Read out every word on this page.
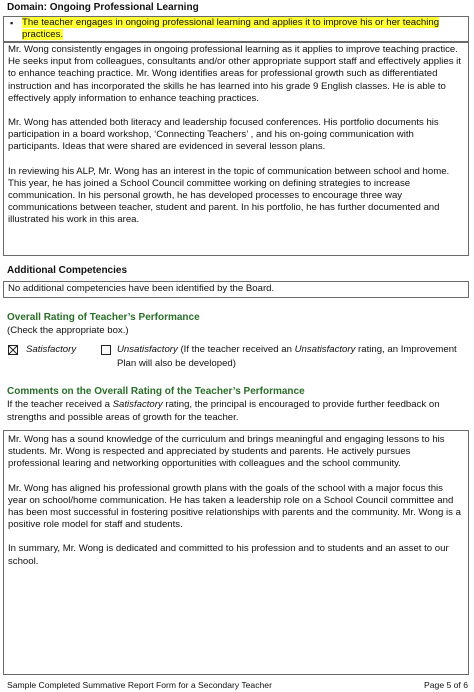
Domain: Ongoing Professional Learning
▪ The teacher engages in ongoing professional learning and applies it to improve his or her teaching practices.

Mr. Wong consistently engages in ongoing professional learning as it applies to improve teaching practice. He seeks input from colleagues, consultants and/or other appropriate support staff and effectively applies it to enhance teaching practice. Mr. Wong identifies areas for professional growth such as differentiated instruction and has incorporated the skills he has learned into his grade 9 English classes. He is able to effectively apply information to enhance teaching practices.

Mr. Wong has attended both literacy and leadership focused conferences. His portfolio documents his participation in a board workshop, ‘Connecting Teachers’ , and his on-going communication with participants. Ideas that were shared are evidenced in several lesson plans.

In reviewing his ALP, Mr. Wong has an interest in the topic of communication between school and home. This year, he has joined a School Council committee working on defining strategies to increase communication. In his personal growth, he has developed processes to encourage three way communications between teacher, student and parent. In his portfolio, he has further documented and illustrated his work in this area.

Additional Competencies
No additional competencies have been identified by the Board.
Overall Rating of Teacher’s Performance
(Check the appropriate box.)
Satisfactory	Unsatisfactory (If the teacher received an Unsatisfactory rating, an Improvement
Plan will also be developed)
Comments on the Overall Rating of the Teacher’s Performance
If the teacher received a Satisfactory rating, the principal is encouraged to provide further feedback on
strengths and possible areas of growth for the teacher.

Mr. Wong has a sound knowledge of the curriculum and brings meaningful and engaging lessons to his students. Mr. Wong is respected and appreciated by students and parents. He actively pursues professional learing and networking opportunities with colleagues and the school community.

Mr. Wong has aligned his professional growth plans with the goals of the school with a major focus this year on school/home communication. He has taken a leadership role on a School Council committee and has been most successful in fostering positive relationships with parents and the community. Mr. Wong is a positive role model for staff and students.

In summary, Mr. Wong is dedicated and committed to his profession and to students and an asset to our school.

Sample Completed Summative Report Form for a Secondary Teacher	Page 5 of 6
